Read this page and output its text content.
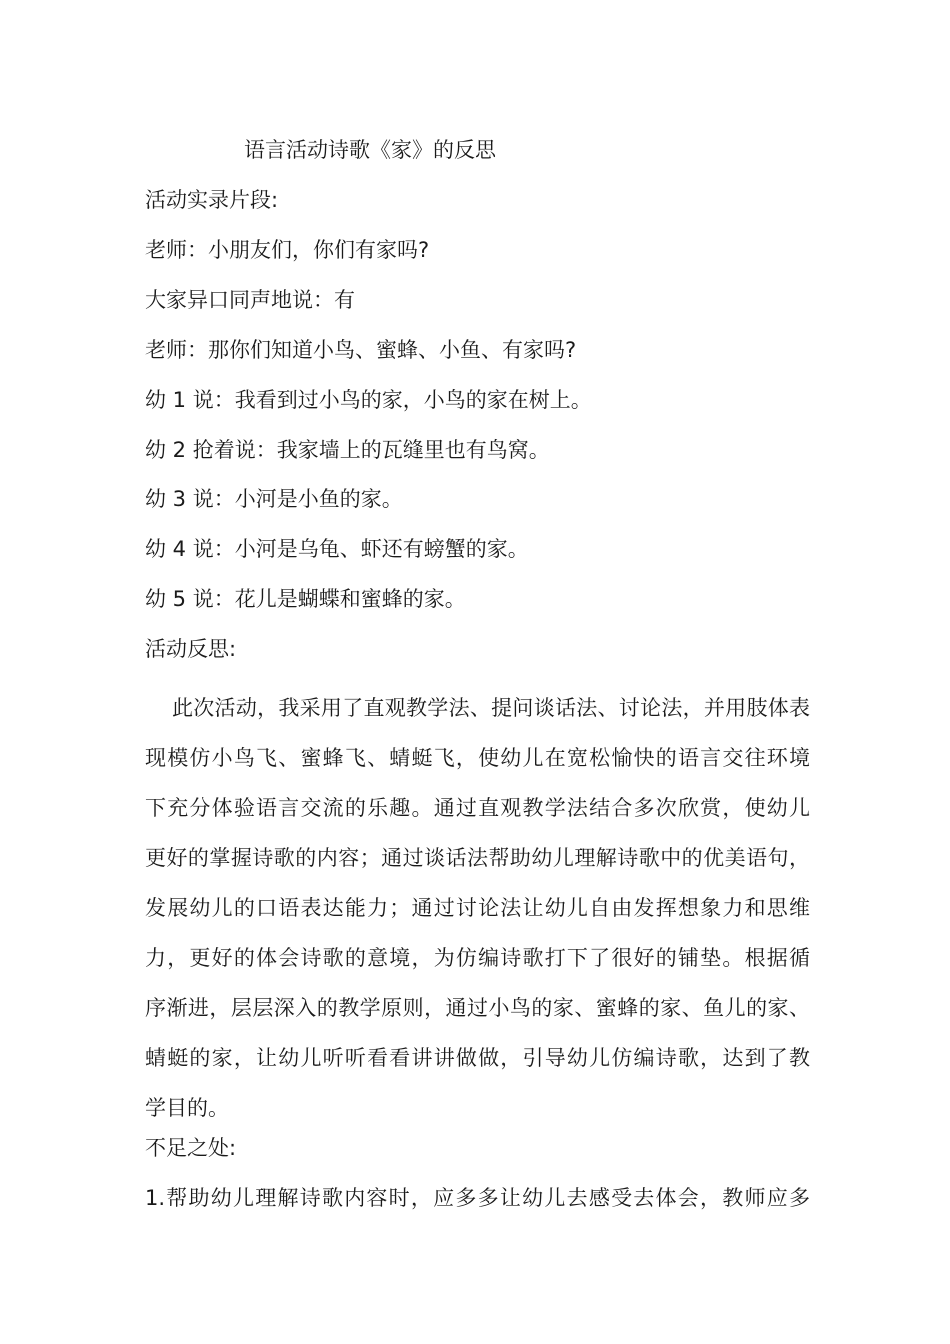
语言活动诗歌《家》的反思
活动实录片段:
老师：小朋友们，你们有家吗?
大家异口同声地说：有
老师：那你们知道小鸟、蜜蜂、小鱼、有家吗?
幼 1 说：我看到过小鸟的家，小鸟的家在树上。
幼 2 抢着说：我家墙上的瓦缝里也有鸟窝。
幼 3 说：小河是小鱼的家。
幼 4 说：小河是乌龟、虾还有螃蟹的家。
幼 5 说：花儿是蝴蝶和蜜蜂的家。
活动反思:
此次活动，我采用了直观教学法、提问谈话法、讨论法，并用肢体表
现模仿小鸟飞、蜜蜂飞、蜻蜓飞，使幼儿在宽松愉快的语言交往环境
下充分体验语言交流的乐趣。通过直观教学法结合多次欣赏，使幼儿
更好的掌握诗歌的内容；通过谈话法帮助幼儿理解诗歌中的优美语句，
发展幼儿的口语表达能力；通过讨论法让幼儿自由发挥想象力和思维
力，更好的体会诗歌的意境，为仿编诗歌打下了很好的铺垫。根据循
序渐进，层层深入的教学原则，通过小鸟的家、蜜蜂的家、鱼儿的家、
蜻蜓的家，让幼儿听听看看讲讲做做，引导幼儿仿编诗歌，达到了教
学目的。
不足之处:
1.帮助幼儿理解诗歌内容时，应多多让幼儿去感受去体会，教师应多
